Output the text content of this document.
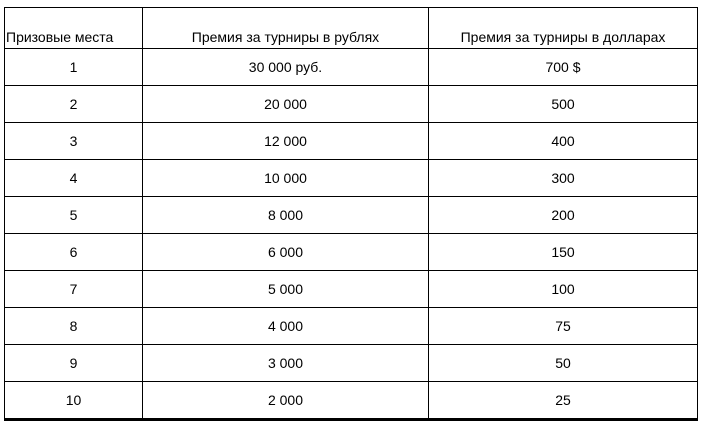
Призовые места	Премия за турниры в рублях	Премия за турниры в долларах
1	30 000 руб.	700 $
2	20 000	500
3	12 000	400
4	10 000	300
5	8 000	200
6	6 000	150
7	5 000	100
8	4 000	75
9	3 000	50
10	2 000	25
